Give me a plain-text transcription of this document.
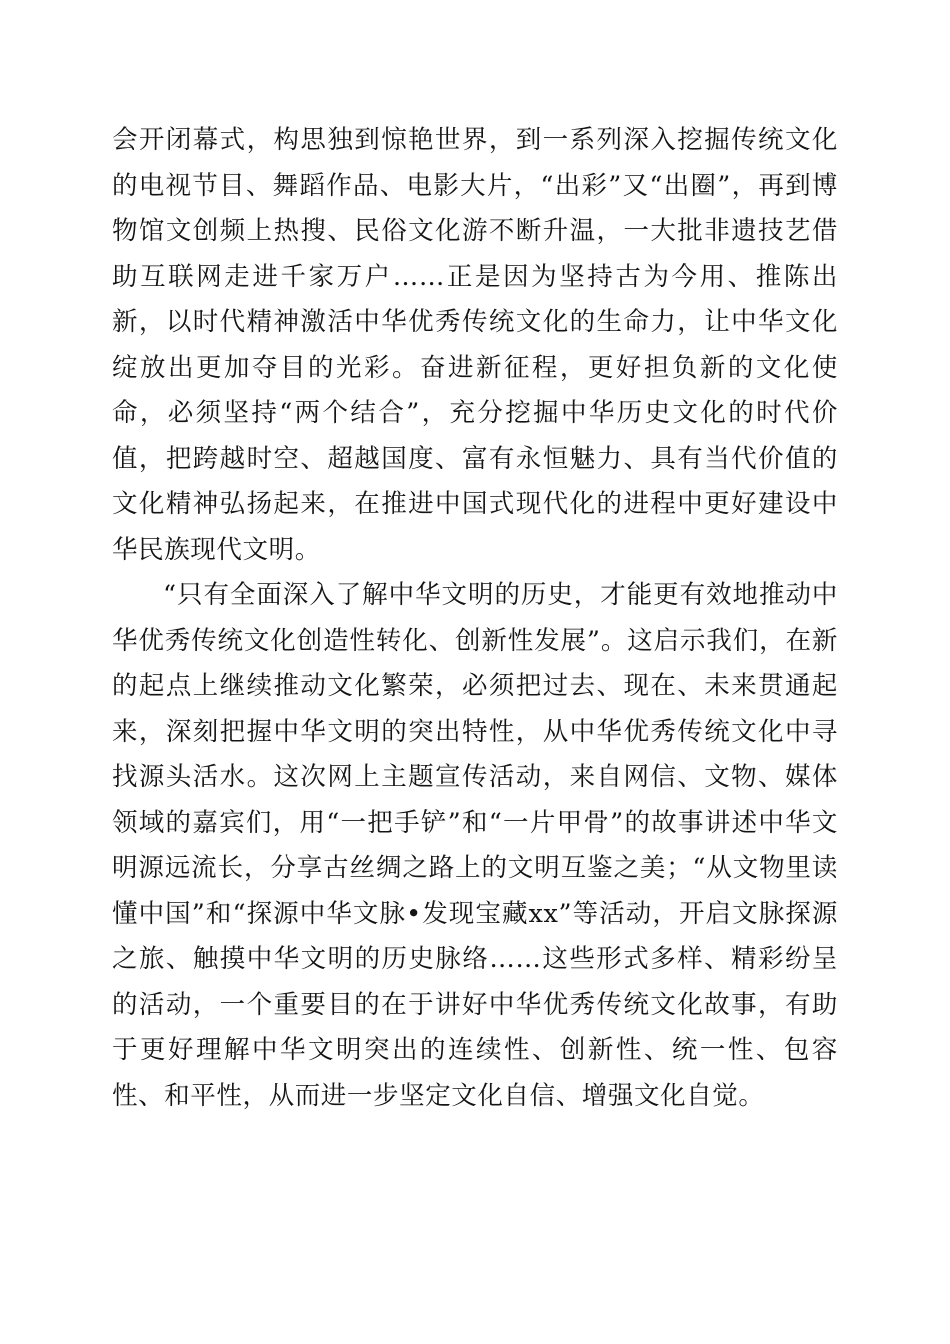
会开闭幕式，构思独到惊艳世界，到一系列深入挖掘传统文化的电视节目、舞蹈作品、电影大片，“出彩”又“出圈”，再到博物馆文创频上热搜、民俗文化游不断升温，一大批非遗技艺借助互联网走进千家万户……正是因为坚持古为今用、推陈出新，以时代精神激活中华优秀传统文化的生命力，让中华文化绽放出更加夺目的光彩。奋进新征程，更好担负新的文化使命，必须坚持“两个结合”，充分挖掘中华历史文化的时代价值，把跨越时空、超越国度、富有永恒魅力、具有当代价值的文化精神弘扬起来，在推进中国式现代化的进程中更好建设中华民族现代文明。

“只有全面深入了解中华文明的历史，才能更有效地推动中华优秀传统文化创造性转化、创新性发展”。这启示我们，在新的起点上继续推动文化繁荣，必须把过去、现在、未来贯通起来，深刻把握中华文明的突出特性，从中华优秀传统文化中寻找源头活水。这次网上主题宣传活动，来自网信、文物、媒体领域的嘉宾们，用“一把手铲”和“一片甲骨”的故事讲述中华文明源远流长，分享古丝绸之路上的文明互鉴之美；“从文物里读懂中国”和“探源中华文脉•发现宝藏xx”等活动，开启文脉探源之旅、触摸中华文明的历史脉络……这些形式多样、精彩纷呈的活动，一个重要目的在于讲好中华优秀传统文化故事，有助于更好理解中华文明突出的连续性、创新性、统一性、包容性、和平性，从而进一步坚定文化自信、增强文化自觉。
